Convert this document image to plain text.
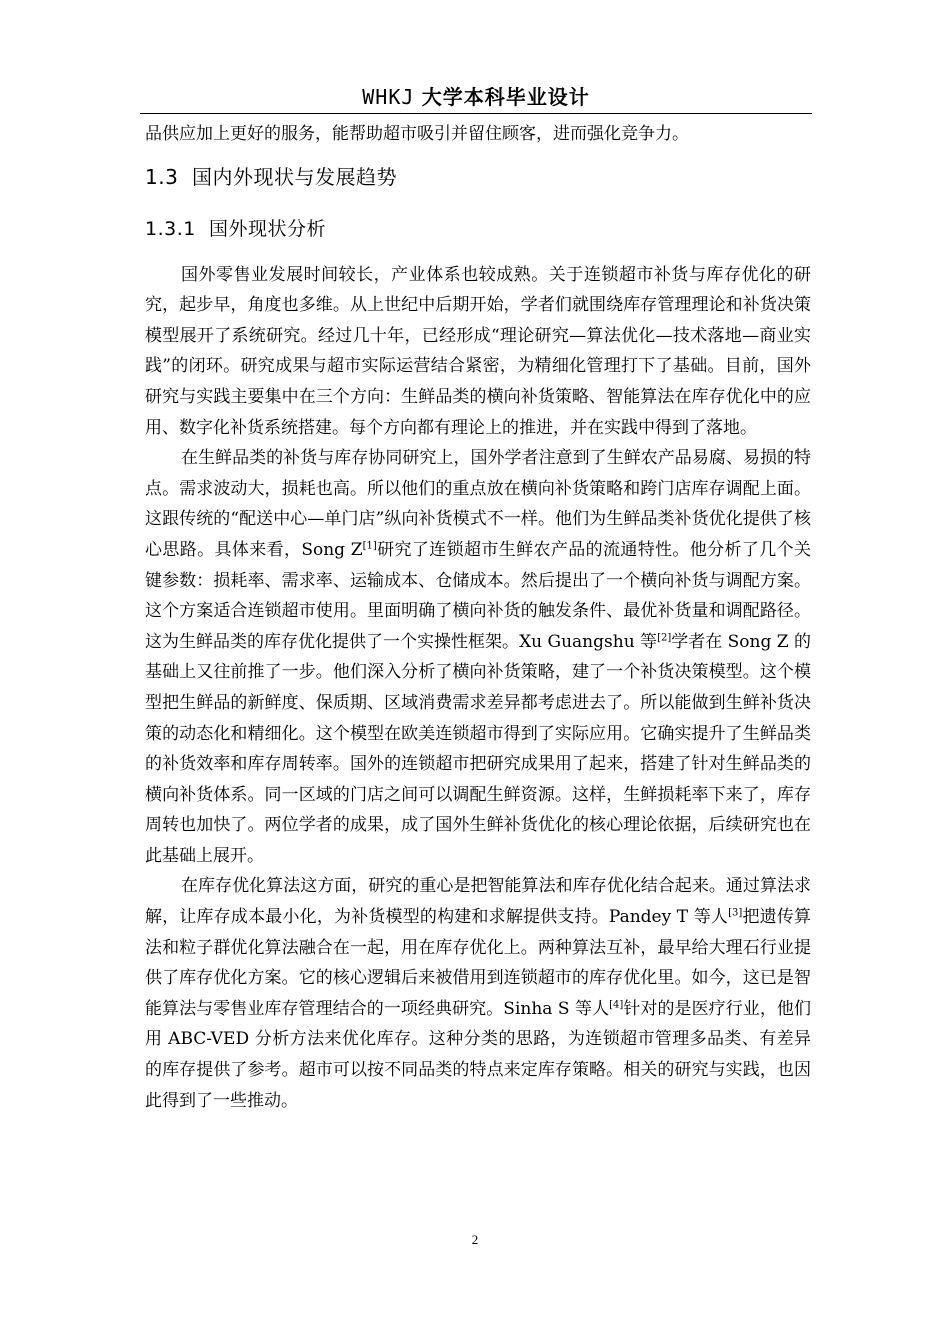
WHKJ 大学本科毕业设计

品供应加上更好的服务，能帮助超市吸引并留住顾客，进而强化竞争力。

1.3 国内外现状与发展趋势
1.3.1 国外现状分析

国外零售业发展时间较长，产业体系也较成熟。关于连锁超市补货与库存优化的研究，起步早，角度也多维。从上世纪中后期开始，学者们就围绕库存管理理论和补货决策模型展开了系统研究。经过几十年，已经形成“理论研究—算法优化—技术落地—商业实践”的闭环。研究成果与超市实际运营结合紧密，为精细化管理打下了基础。目前，国外研究与实践主要集中在三个方向：生鲜品类的横向补货策略、智能算法在库存优化中的应用、数字化补货系统搭建。每个方向都有理论上的推进，并在实践中得到了落地。

在生鲜品类的补货与库存协同研究上，国外学者注意到了生鲜农产品易腐、易损的特点。需求波动大，损耗也高。所以他们的重点放在横向补货策略和跨门店库存调配上面。这跟传统的“配送中心—单门店”纵向补货模式不一样。他们为生鲜品类补货优化提供了核心思路。具体来看，Song Z[1]研究了连锁超市生鲜农产品的流通特性。他分析了几个关键参数：损耗率、需求率、运输成本、仓储成本。然后提出了一个横向补货与调配方案。这个方案适合连锁超市使用。里面明确了横向补货的触发条件、最优补货量和调配路径。这为生鲜品类的库存优化提供了一个实操性框架。Xu Guangshu 等[2]学者在 Song Z 的基础上又往前推了一步。他们深入分析了横向补货策略，建了一个补货决策模型。这个模型把生鲜品的新鲜度、保质期、区域消费需求差异都考虑进去了。所以能做到生鲜补货决策的动态化和精细化。这个模型在欧美连锁超市得到了实际应用。它确实提升了生鲜品类的补货效率和库存周转率。国外的连锁超市把研究成果用了起来，搭建了针对生鲜品类的横向补货体系。同一区域的门店之间可以调配生鲜资源。这样，生鲜损耗率下来了，库存周转也加快了。两位学者的成果，成了国外生鲜补货优化的核心理论依据，后续研究也在此基础上展开。

在库存优化算法这方面，研究的重心是把智能算法和库存优化结合起来。通过算法求解，让库存成本最小化，为补货模型的构建和求解提供支持。Pandey T 等人[3]把遗传算法和粒子群优化算法融合在一起，用在库存优化上。两种算法互补，最早给大理石行业提供了库存优化方案。它的核心逻辑后来被借用到连锁超市的库存优化里。如今，这已是智能算法与零售业库存管理结合的一项经典研究。Sinha S 等人[4]针对的是医疗行业，他们用 ABC-VED 分析方法来优化库存。这种分类的思路，为连锁超市管理多品类、有差异的库存提供了参考。超市可以按不同品类的特点来定库存策略。相关的研究与实践，也因此得到了一些推动。

2
